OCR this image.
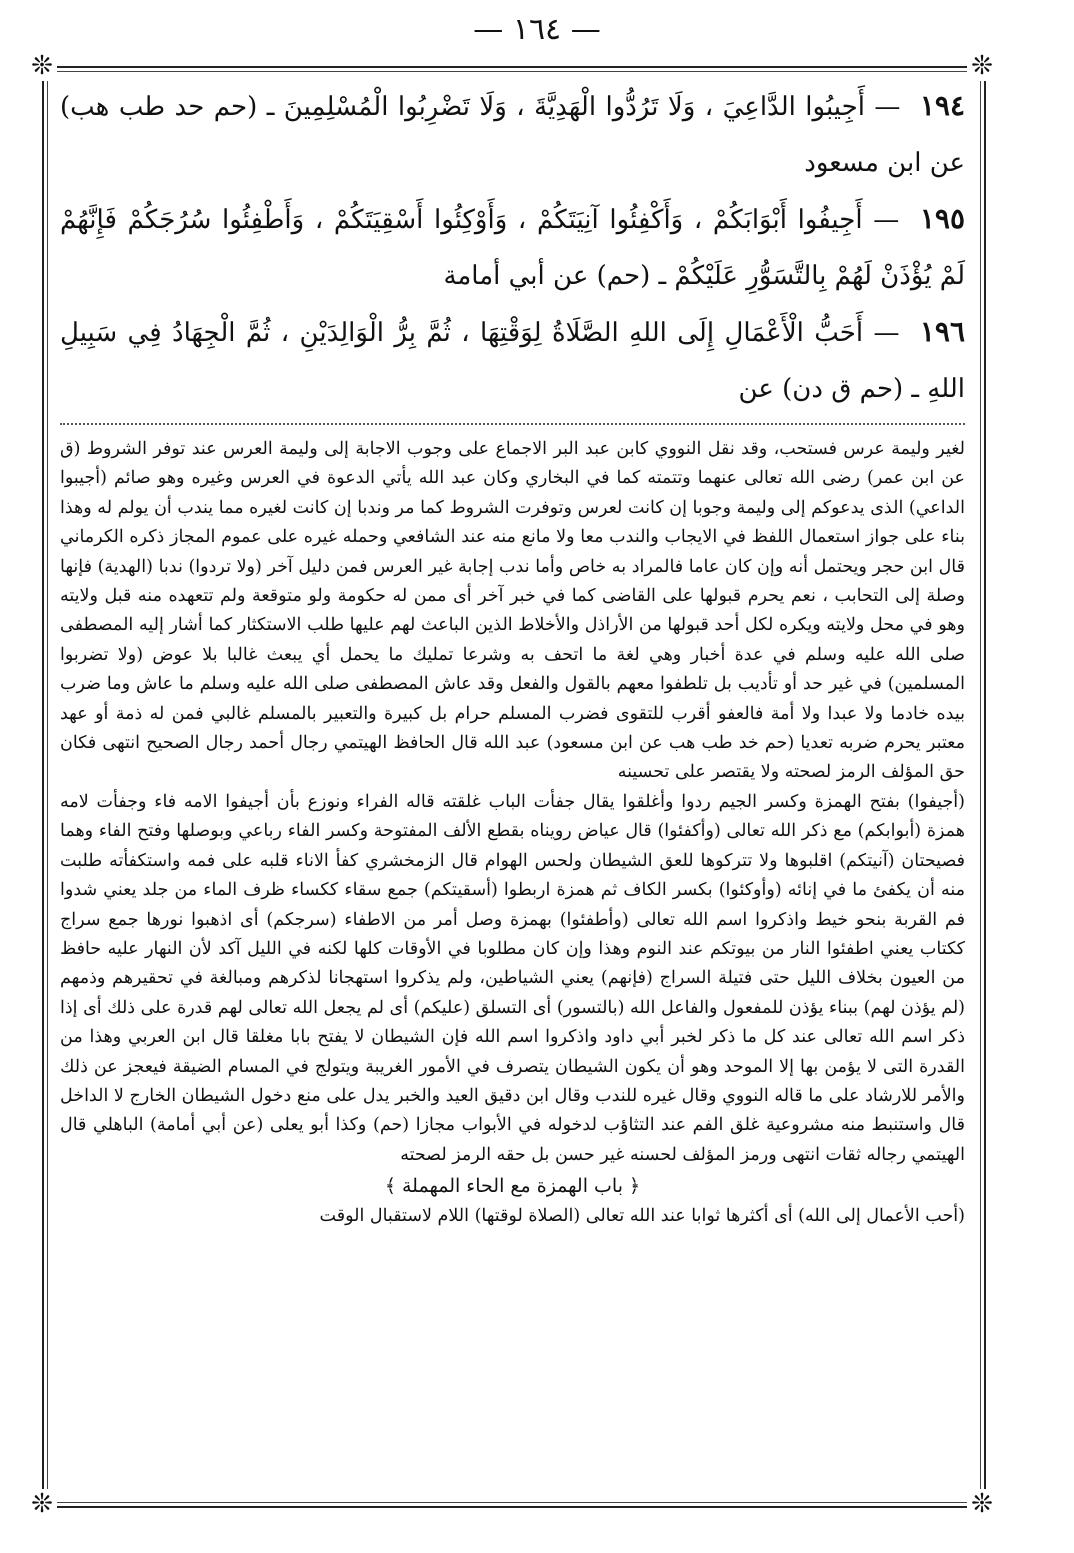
— ١٦٤ —
❊	❊
❊	❊

١٩٤ — أَجِيبُوا الدَّاعِيَ ، وَلَا تَرُدُّوا الْهَدِيَّةَ ، وَلَا تَضْرِبُوا الْمُسْلِمِينَ ـ (حم حد طب هب) عن ابن مسعود

١٩٥ — أَجِيفُوا أَبْوَابَكُمْ ، وَأَكْفِئُوا آنِيَتَكُمْ ، وَأَوْكِئُوا أَسْقِيَتَكُمْ ، وَأَطْفِئُوا سُرُجَكُمْ فَإِنَّهُمْ لَمْ يُؤْذَنْ لَهُمْ بِالتَّسَوُّرِ عَلَيْكُمْ ـ (حم) عن أبي أمامة

١٩٦ — أَحَبُّ الْأَعْمَالِ إِلَى اللهِ الصَّلَاةُ لِوَقْتِهَا ، ثُمَّ بِرُّ الْوَالِدَيْنِ ، ثُمَّ الْجِهَادُ فِي سَبِيلِ اللهِ ـ (حم ق دن) عن

لغير وليمة عرس فستحب، وقد نقل النووي كابن عبد البر الاجماع على وجوب الاجابة إلى وليمة العرس عند توفر الشروط (ق عن ابن عمر) رضى الله تعالى عنهما وتتمته كما في البخاري وكان عبد الله يأتي الدعوة في العرس وغيره وهو صائم (أجيبوا الداعي) الذى يدعوكم إلى وليمة وجوبا إن كانت لعرس وتوفرت الشروط كما مر وندبا إن كانت لغيره مما يندب أن يولم له وهذا بناء على جواز استعمال اللفظ في الايجاب والندب معا ولا مانع منه عند الشافعي وحمله غيره على عموم المجاز ذكره الكرماني قال ابن حجر ويحتمل أنه وإن كان عاما فالمراد به خاص وأما ندب إجابة غير العرس فمن دليل آخر (ولا تردوا) ندبا (الهدية) فإنها وصلة إلى التحابب ، نعم يحرم قبولها على القاضى كما في خبر آخر أى ممن له حكومة ولو متوقعة ولم تتعهده منه قبل ولايته وهو في محل ولايته ويكره لكل أحد قبولها من الأراذل والأخلاط الذين الباعث لهم عليها طلب الاستكثار كما أشار إليه المصطفى صلى الله عليه وسلم في عدة أخبار وهي لغة ما اتحف به وشرعا تمليك ما يحمل أي يبعث غالبا بلا عوض (ولا تضربوا المسلمين) في غير حد أو تأديب بل تلطفوا معهم بالقول والفعل وقد عاش المصطفى صلى الله عليه وسلم ما عاش وما ضرب بيده خادما ولا عبدا ولا أمة فالعفو أقرب للتقوى فضرب المسلم حرام بل كبيرة والتعبير بالمسلم غالبي فمن له ذمة أو عهد معتبر يحرم ضربه تعديا (حم خد طب هب عن ابن مسعود) عبد الله قال الحافظ الهيتمي رجال أحمد رجال الصحيح انتهى فكان حق المؤلف الرمز لصحته ولا يقتصر على تحسينه

(أجيفوا) بفتح الهمزة وكسر الجيم ردوا وأغلقوا يقال جفأت الباب غلقته قاله الفراء ونوزع بأن أجيفوا الامه فاء وجفأت لامه همزة (أبوابكم) مع ذكر الله تعالى (وأكفئوا) قال عياض رويناه بقطع الألف المفتوحة وكسر الفاء رباعي وبوصلها وفتح الفاء وهما فصيحتان (آنيتكم) اقلبوها ولا تتركوها للعق الشيطان ولحس الهوام قال الزمخشري كفأ الاناء قلبه على فمه واستكفأته طلبت منه أن يكفئ ما في إنائه (وأوكئوا) بكسر الكاف ثم همزة اربطوا (أسقيتكم) جمع سقاء ككساء ظرف الماء من جلد يعني شدوا فم القربة بنحو خيط واذكروا اسم الله تعالى (وأطفئوا) بهمزة وصل أمر من الاطفاء (سرجكم) أى اذهبوا نورها جمع سراج ككتاب يعني اطفئوا النار من بيوتكم عند النوم وهذا وإن كان مطلوبا في الأوقات كلها لكنه في الليل آكد لأن النهار عليه حافظ من العيون بخلاف الليل حتى فتيلة السراج (فإنهم) يعني الشياطين، ولم يذكروا استهجانا لذكرهم ومبالغة في تحقيرهم وذمهم (لم يؤذن لهم) ببناء يؤذن للمفعول والفاعل الله (بالتسور) أى التسلق (عليكم) أى لم يجعل الله تعالى لهم قدرة على ذلك أى إذا ذكر اسم الله تعالى عند كل ما ذكر لخبر أبي داود واذكروا اسم الله فإن الشيطان لا يفتح بابا مغلقا قال ابن العربي وهذا من القدرة التى لا يؤمن بها إلا الموحد وهو أن يكون الشيطان يتصرف في الأمور الغريبة ويتولج في المسام الضيقة فيعجز عن ذلك والأمر للارشاد على ما قاله النووي وقال غيره للندب وقال ابن دقيق العيد والخبر يدل على منع دخول الشيطان الخارج لا الداخل قال واستنبط منه مشروعية غلق الفم عند التثاؤب لدخوله في الأبواب مجازا (حم) وكذا أبو يعلى (عن أبي أمامة) الباهلي قال الهيتمي رجاله ثقات انتهى ورمز المؤلف لحسنه غير حسن بل حقه الرمز لصحته

﴿ باب الهمزة مع الحاء المهملة ﴾

(أحب الأعمال إلى الله) أى أكثرها ثوابا عند الله تعالى (الصلاة لوقتها) اللام لاستقبال الوقت
